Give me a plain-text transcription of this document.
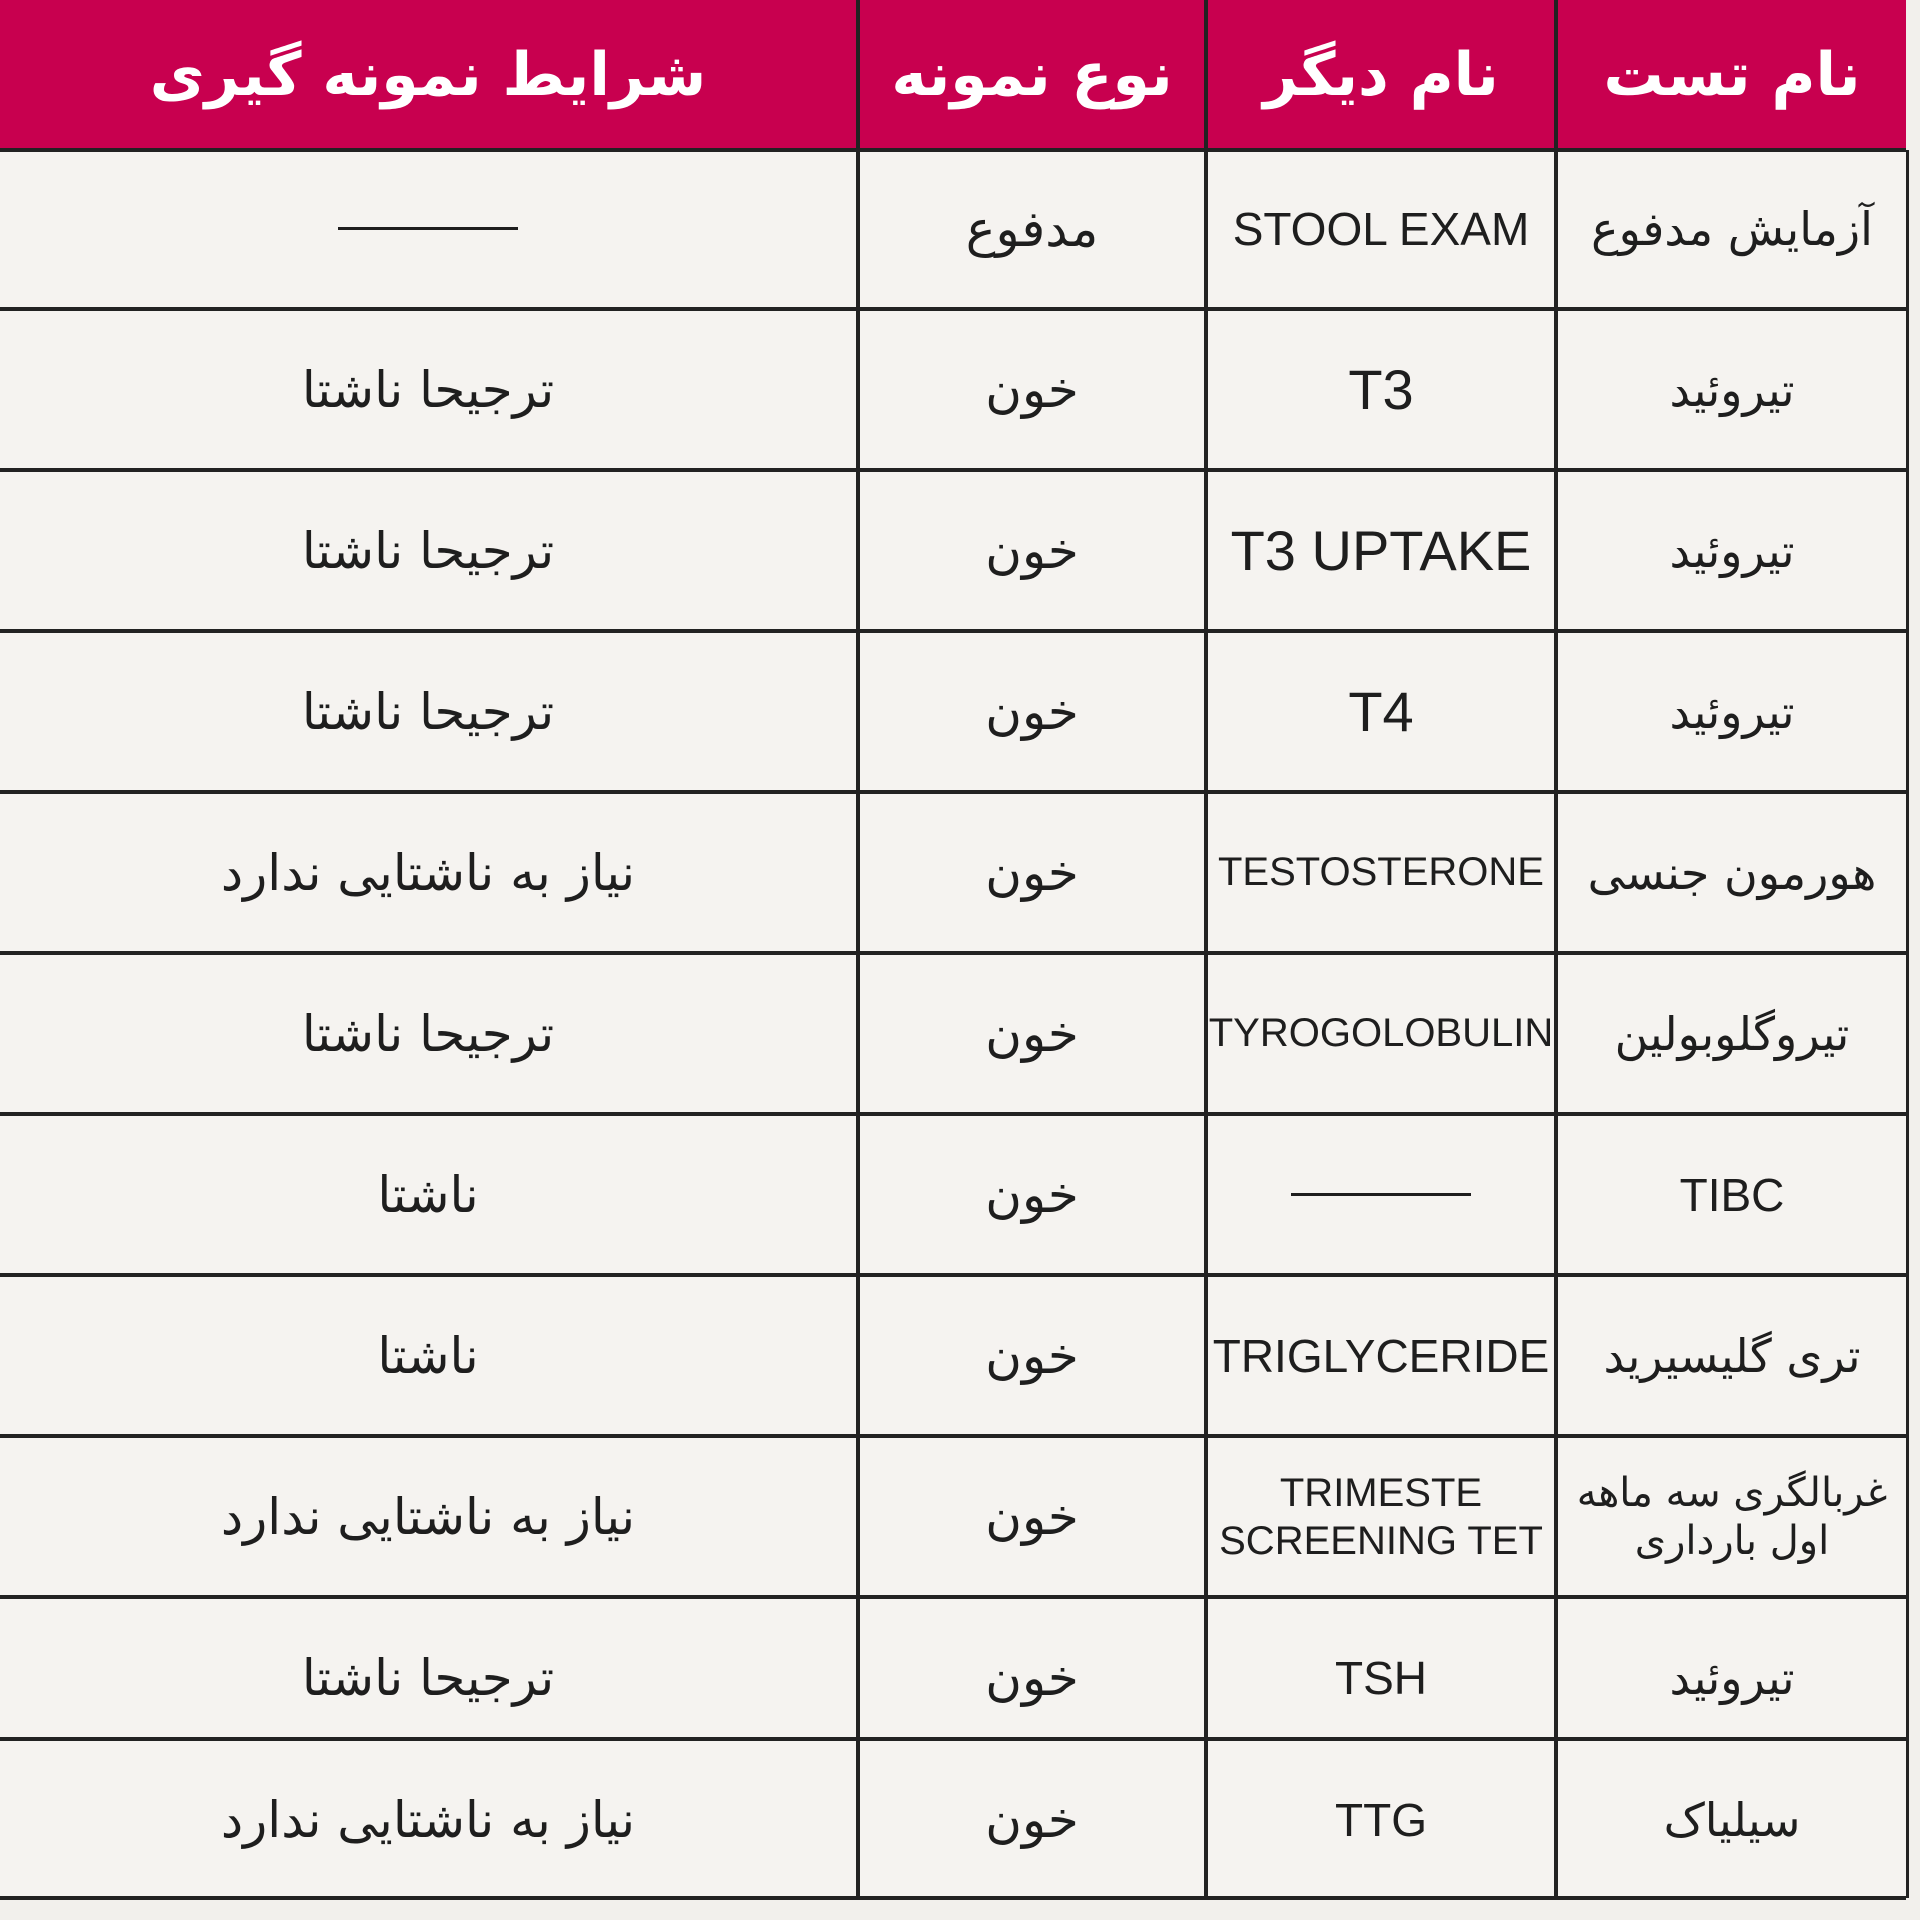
نام تست
نام دیگر
نوع نمونه
شرایط نمونه گیری
آزمایش مدفوع
STOOL EXAM
مدفوع
تیروئید
T3
خون
ترجیحا ناشتا
تیروئید
T3 UPTAKE
خون
ترجیحا ناشتا
تیروئید
T4
خون
ترجیحا ناشتا
هورمون جنسی
TESTOSTERONE
خون
نیاز به ناشتایی ندارد
تیروگلوبولین
TYROGOLOBULIN
خون
ترجیحا ناشتا
TIBC
خون
ناشتا
تری گلیسیرید
TRIGLYCERIDE
خون
ناشتا
غربالگری سه ماهه
اول بارداری
TRIMESTE
SCREENING TET
خون
نیاز به ناشتایی ندارد
تیروئید
TSH
خون
ترجیحا ناشتا
سیلیاک
TTG
خون
نیاز به ناشتایی ندارد
